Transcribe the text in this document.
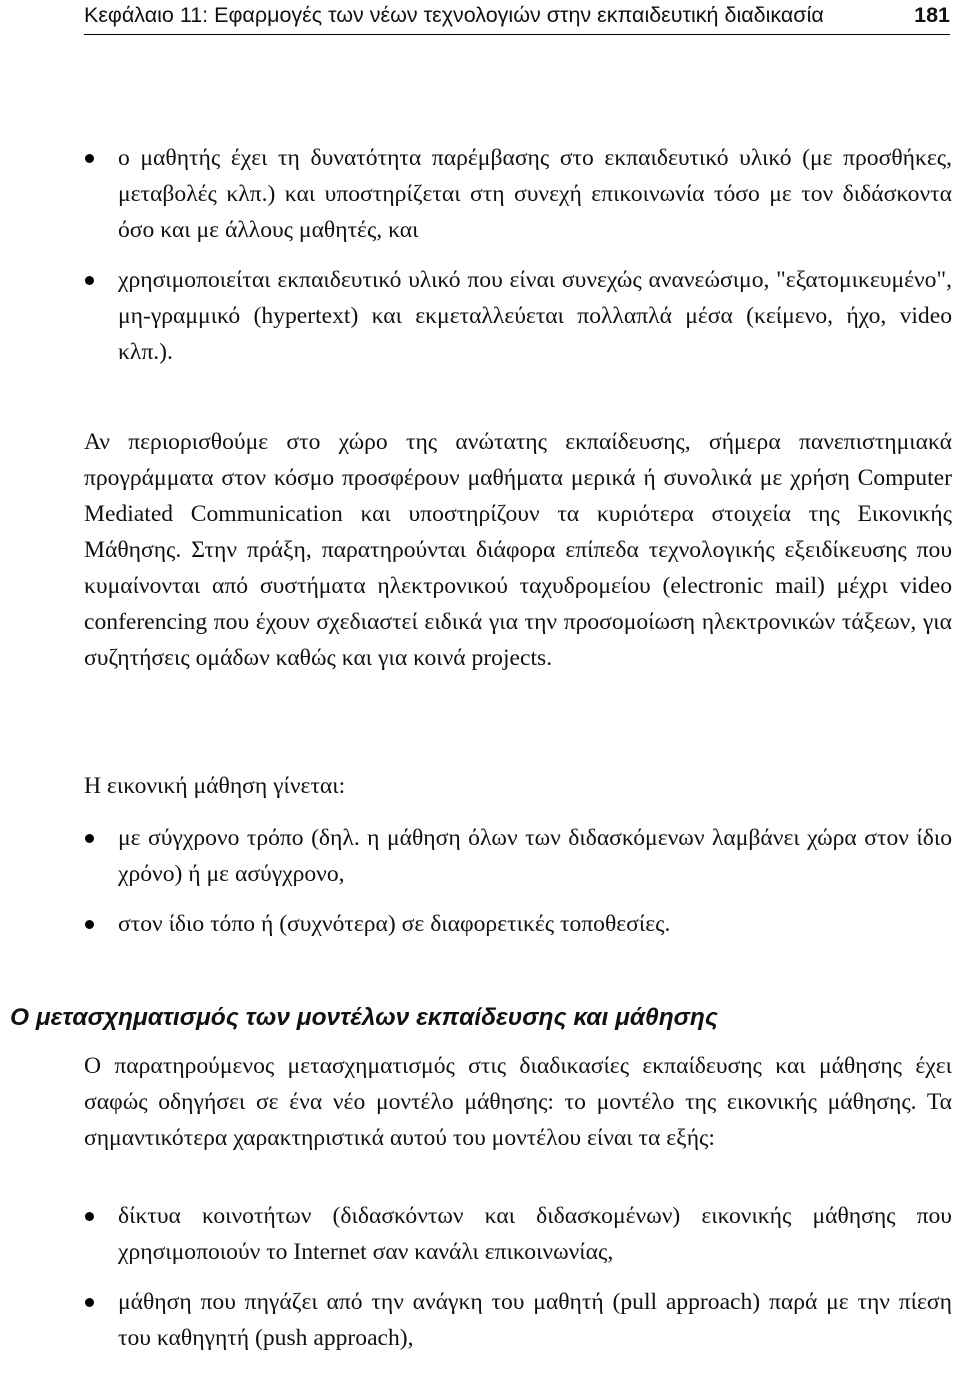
Κεφάλαιο 11: Εφαρμογές των νέων τεχνολογιών στην εκπαιδευτική διαδικασία	181
ο μαθητής έχει τη δυνατότητα παρέμβασης στο εκπαιδευτικό υλικό (με προσθήκες, μεταβολές κλπ.) και υποστηρίζεται στη συνεχή επικοινωνία τόσο με τον διδάσκοντα όσο και με άλλους μαθητές, και
χρησιμοποιείται εκπαιδευτικό υλικό που είναι συνεχώς ανανεώσιμο, "εξατομικευμένο", μη-γραμμικό (hypertext) και εκμεταλλεύεται πολλαπλά μέσα (κείμενο, ήχο, video κλπ.).

Αν περιορισθούμε στο χώρο της ανώτατης εκπαίδευσης, σήμερα πανεπιστημιακά προγράμματα στον κόσμο προσφέρουν μαθήματα μερικά ή συνολικά με χρήση Computer Mediated Communication και υποστηρίζουν τα κυριότερα στοιχεία της Εικονικής Μάθησης. Στην πράξη, παρατηρούνται διάφορα επίπεδα τεχνολογικής εξειδίκευσης που κυμαίνονται από συστήματα ηλεκτρονικού ταχυδρομείου (electronic mail) μέχρι video conferencing που έχουν σχεδιαστεί ειδικά για την προσομοίωση ηλεκτρονικών τάξεων, για συζητήσεις ομάδων καθώς και για κοινά projects.

Η εικονική μάθηση γίνεται:

με σύγχρονο τρόπο (δηλ. η μάθηση όλων των διδασκόμενων λαμβάνει χώρα στον ίδιο χρόνο) ή με ασύγχρονο,
στον ίδιο τόπο ή (συχνότερα) σε διαφορετικές τοποθεσίες.
Ο μετασχηματισμός των μοντέλων εκπαίδευσης και μάθησης

Ο παρατηρούμενος μετασχηματισμός στις διαδικασίες εκπαίδευσης και μάθησης έχει σαφώς οδηγήσει σε ένα νέο μοντέλο μάθησης: το μοντέλο της εικονικής μάθησης. Τα σημαντικότερα χαρακτηριστικά αυτού του μοντέλου είναι τα εξής:

δίκτυα κοινοτήτων (διδασκόντων και διδασκομένων) εικονικής μάθησης που χρησιμοποιούν το Internet σαν κανάλι επικοινωνίας,
μάθηση που πηγάζει από την ανάγκη του μαθητή (pull approach) παρά με την πίεση του καθηγητή (push approach),
